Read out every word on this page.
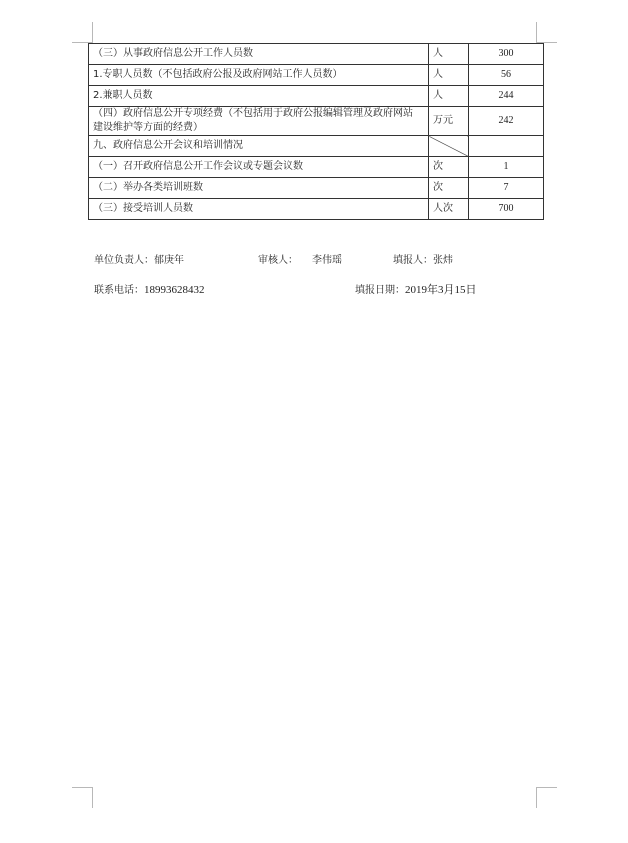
（三）从事政府信息公开工作人员数	人	300
1.专职人员数（不包括政府公报及政府网站工作人员数）	人	56
2.兼职人员数	人	244
（四）政府信息公开专项经费（不包括用于政府公报编辑管理及政府网站建设维护等方面的经费）	万元	242
九、政府信息公开会议和培训情况		
（一）召开政府信息公开工作会议或专题会议数	次	1
（二）举办各类培训班数	次	7
（三）接受培训人员数	人次	700
单位负责人：郁庚年	审核人： 李伟瑶	填报人：张炜
联系电话：18993628432	填报日期：2019年3月15日
